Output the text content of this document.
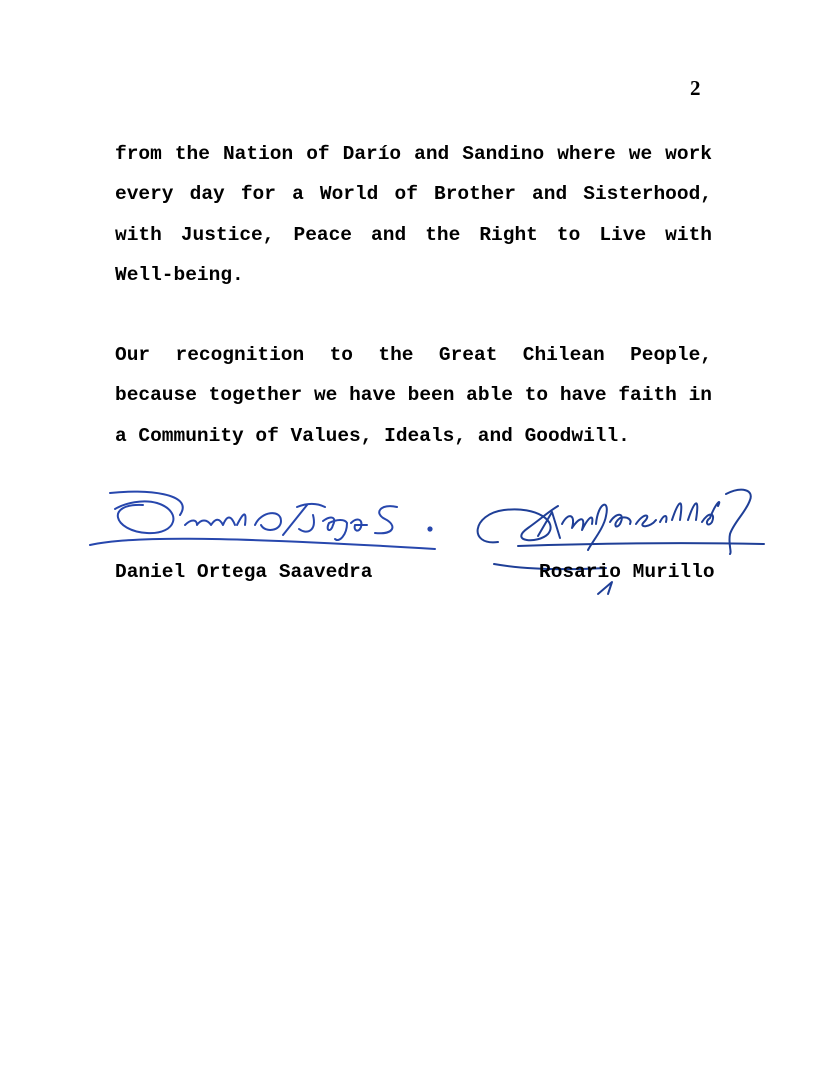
2

from the Nation of Darío and Sandino where we work every day for a World of Brother and Sisterhood, with Justice, Peace and the Right to Live with Well-being.

Our recognition to the Great Chilean People, because together we have been able to have faith in a Community of Values, Ideals, and Goodwill.

Daniel Ortega Saavedra	Rosario Murillo
